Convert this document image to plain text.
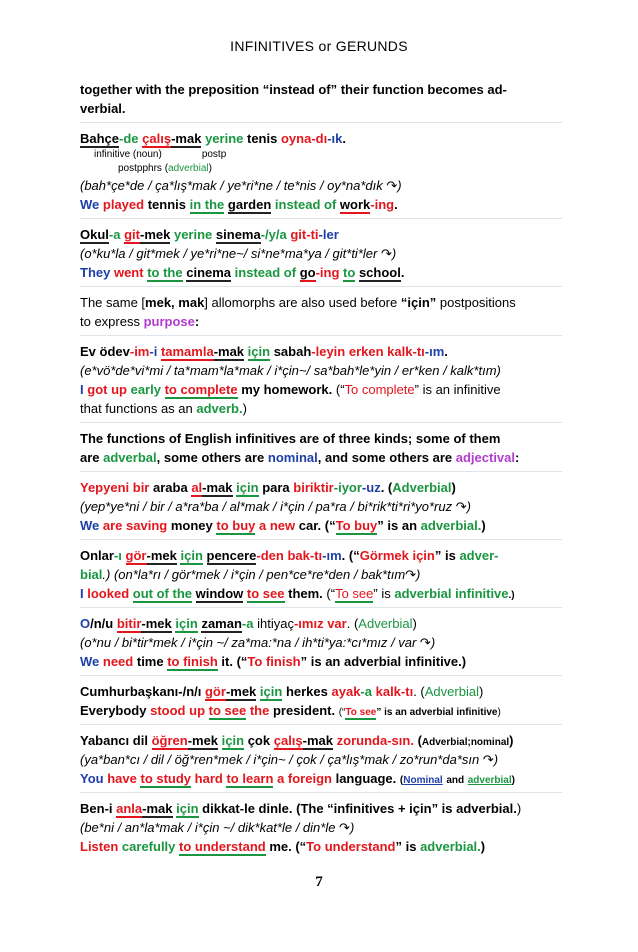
INFINITIVES or GERUNDS
together with the preposition “instead of” their function becomes ad-
verbial.
Bahçe-de çalış-mak yerine tenis oyna-dı-ık.
infinitive (noun)	postp
postpphrs (adverbial)
(bah*çe*de / ça*lış*mak / ye*ri*ne / te*nis / oy*na*dık ↷)
We played tennis in the garden instead of work-ing.
Okul-a git-mek yerine sinema-/y/a git-ti-ler
(o*ku*la / git*mek / ye*ri*ne~/ si*ne*ma*ya / git*ti*ler ↷)
They went to the cinema instead of go-ing to school.
The same [mek, mak] allomorphs are also used before “için” postpositions
to express purpose:
Ev ödev-im-i tamamla-mak için sabah-leyin erken kalk-tı-ım.
(e*vö*de*vi*mi / ta*mam*la*mak / i*çin~/ sa*bah*le*yin / er*ken / kalk*tım)
I got up early to complete my homework. (“To complete” is an infinitive
that functions as an adverb.)
The functions of English infinitives are of three kinds; some of them
are adverbal, some others are nominal, and some others are adjectival:
Yepyeni bir araba al-mak için para biriktir-iyor-uz. (Adverbial)
(yep*ye*ni / bir / a*ra*ba / al*mak / i*çin / pa*ra / bi*rik*ti*ri*yo*ruz ↷)
We are saving money to buy a new car. (“To buy” is an adverbial.)
Onlar-ı gör-mek için pencere-den bak-tı-ım. (“Görmek için” is adver-
bial.) (on*la*rı / gör*mek / i*çin / pen*ce*re*den / bak*tım↷)
I looked out of the window to see them. (“To see” is adverbial infinitive.)
O/n/u bitir-mek için zaman-a ihtiyaç-ımız var. (Adverbial)
(o*nu / bi*tir*mek / i*çin ~/ za*ma:*na / ih*ti*ya:*cı*mız / var ↷)
We need time to finish it. (“To finish” is an adverbial infinitive.)
Cumhurbaşkanı-/n/ı gör-mek için herkes ayak-a kalk-tı. (Adverbial)
Everybody stood up to see the president. (“To see” is an adverbial infinitive)
Yabancı dil öğren-mek için çok çalış-mak zorunda-sın. (Adverbial;nominal)
(ya*ban*cı / dil / öğ*ren*mek / i*çin~ / çok / ça*lış*mak / zo*run*da*sın ↷)
You have to study hard to learn a foreign language. (Nominal and adverbial)
Ben-i anla-mak için dikkat-le dinle. (The “infinitives + için” is adverbial.)
(be*ni / an*la*mak / i*çin ~/ dik*kat*le / din*le ↷)
Listen carefully to understand me. (“To understand” is adverbial.)
7
